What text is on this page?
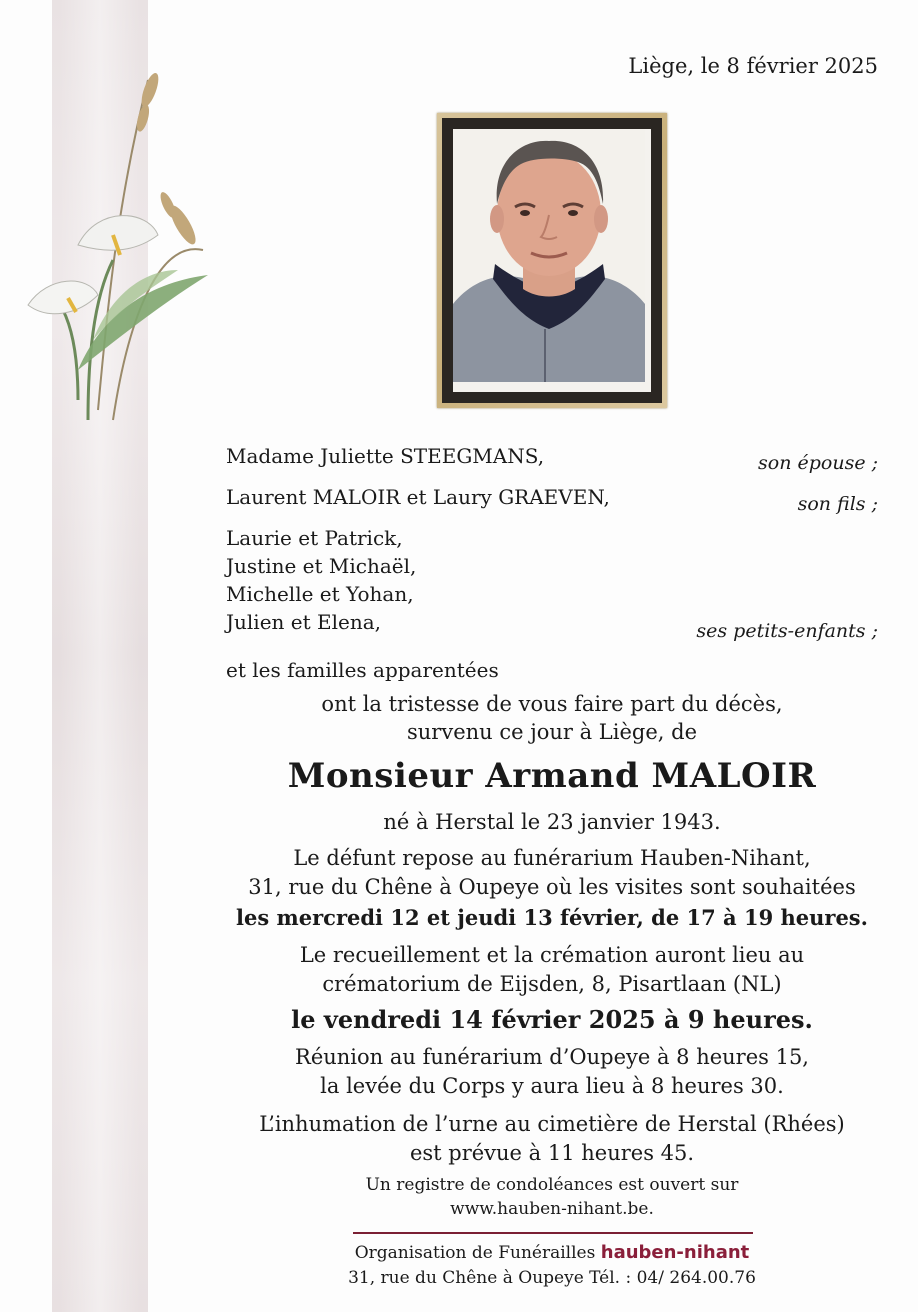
Liège, le 8 février 2025
Madame Juliette STEEGMANS,	son épouse ;
Laurent MALOIR et Laury GRAEVEN,	son fils ;
Laurie et Patrick,
Justine et Michaël,
Michelle et Yohan,
Julien et Elena,	ses petits-enfants ;
et les familles apparentées
ont la tristesse de vous faire part du décès,
survenu ce jour à Liège, de
Monsieur Armand MALOIR
né à Herstal le 23 janvier 1943.
Le défunt repose au funérarium Hauben-Nihant,
31, rue du Chêne à Oupeye où les visites sont souhaitées
les mercredi 12 et jeudi 13 février, de 17 à 19 heures.
Le recueillement et la crémation auront lieu au
crématorium de Eijsden, 8, Pisartlaan (NL)
le vendredi 14 février 2025 à 9 heures.
Réunion au funérarium d’Oupeye à 8 heures 15,
la levée du Corps y aura lieu à 8 heures 30.
L’inhumation de l’urne au cimetière de Herstal (Rhées)
est prévue à 11 heures 45.
Un registre de condoléances est ouvert sur
www.hauben-nihant.be.
Organisation de Funérailles hauben-nihant
31, rue du Chêne à Oupeye Tél. : 04/ 264.00.76
